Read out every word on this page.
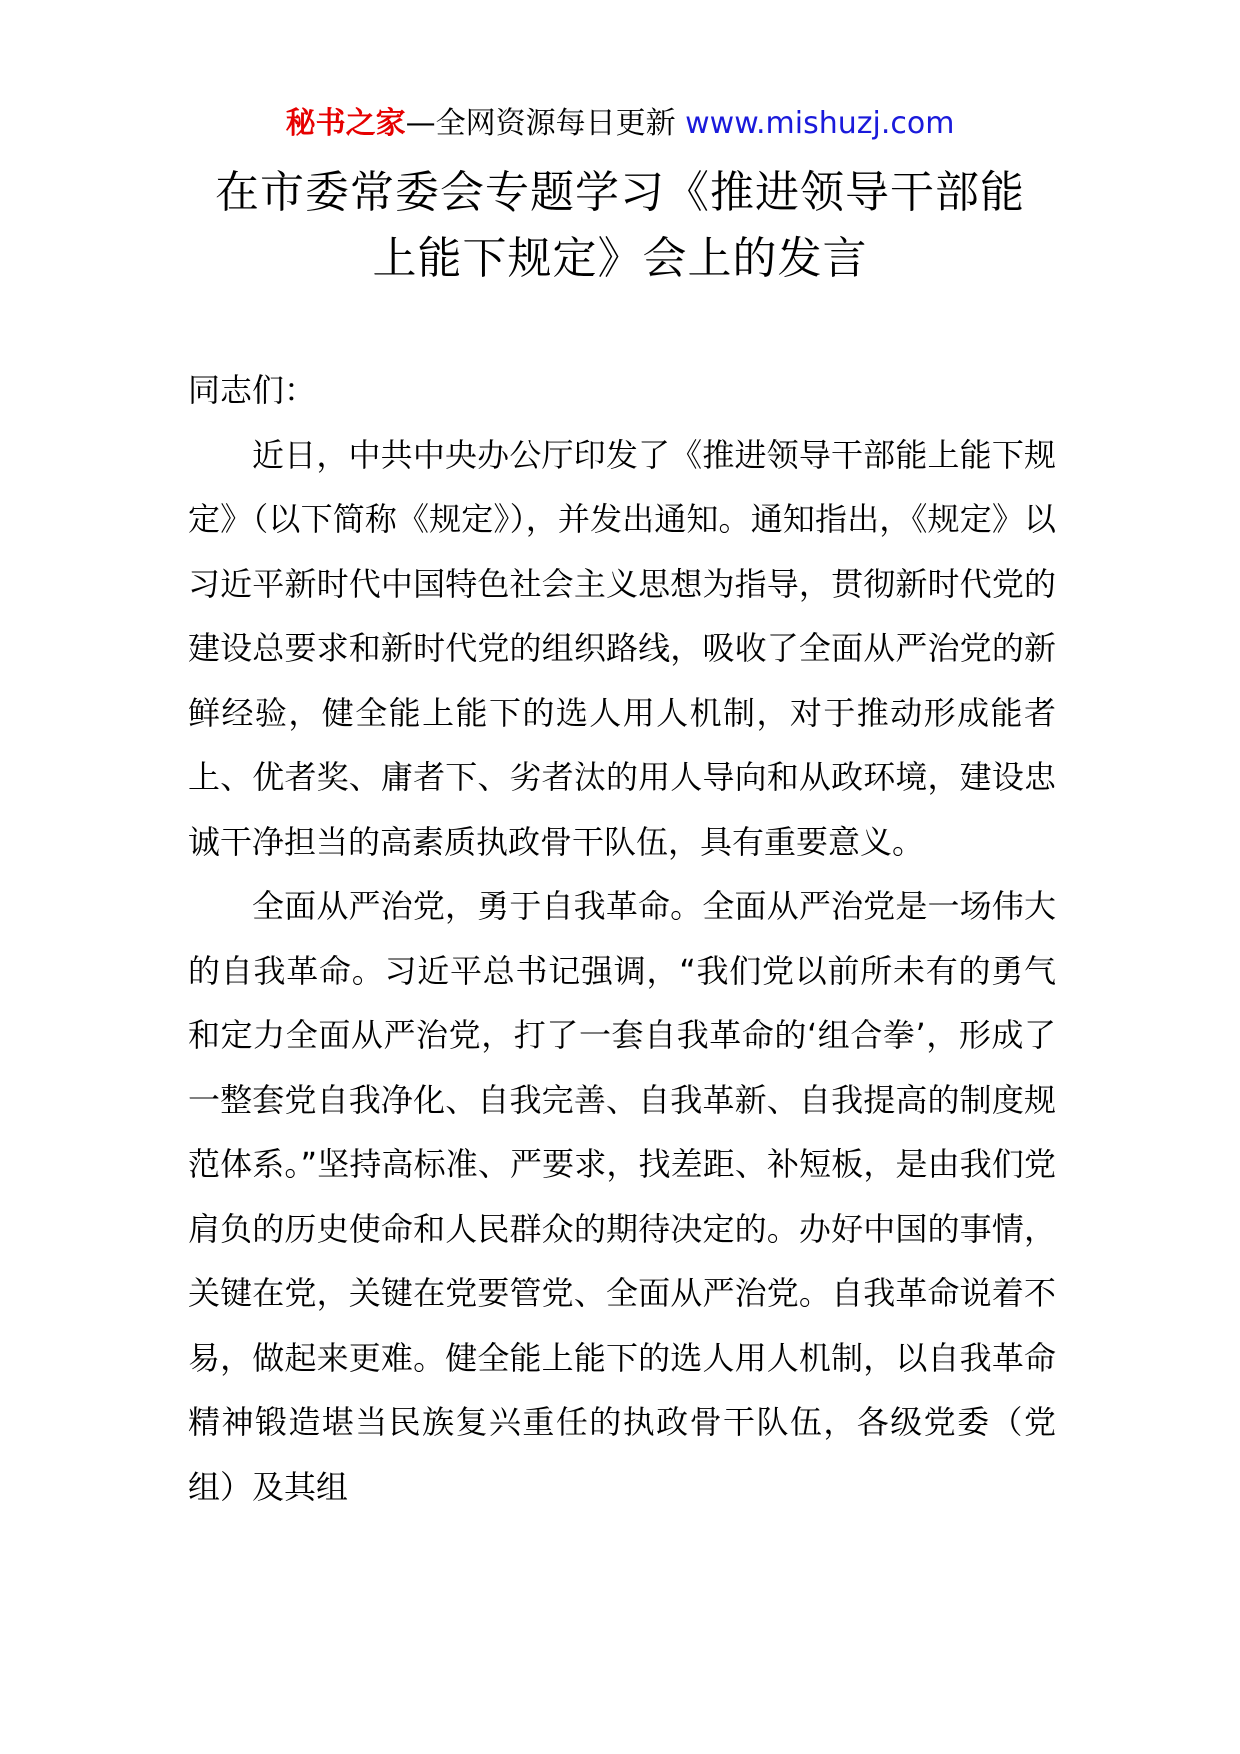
秘书之家—全网资源每日更新 www.mishuzj.com
在市委常委会专题学习《推进领导干部能
上能下规定》会上的发言
同志们：

近日，中共中央办公厅印发了《推进领导干部能上能下规定》（以下简称《规定》），并发出通知。通知指出，《规定》以习近平新时代中国特色社会主义思想为指导，贯彻新时代党的建设总要求和新时代党的组织路线，吸收了全面从严治党的新鲜经验，健全能上能下的选人用人机制，对于推动形成能者上、优者奖、庸者下、劣者汰的用人导向和从政环境，建设忠诚干净担当的高素质执政骨干队伍，具有重要意义。

全面从严治党，勇于自我革命。全面从严治党是一场伟大的自我革命。习近平总书记强调，“我们党以前所未有的勇气和定力全面从严治党，打了一套自我革命的‘组合拳’，形成了一整套党自我净化、自我完善、自我革新、自我提高的制度规范体系。”坚持高标准、严要求，找差距、补短板，是由我们党肩负的历史使命和人民群众的期待决定的。办好中国的事情，关键在党，关键在党要管党、全面从严治党。自我革命说着不易，做起来更难。健全能上能下的选人用人机制，以自我革命精神锻造堪当民族复兴重任的执政骨干队伍，各级党委（党组）及其组
